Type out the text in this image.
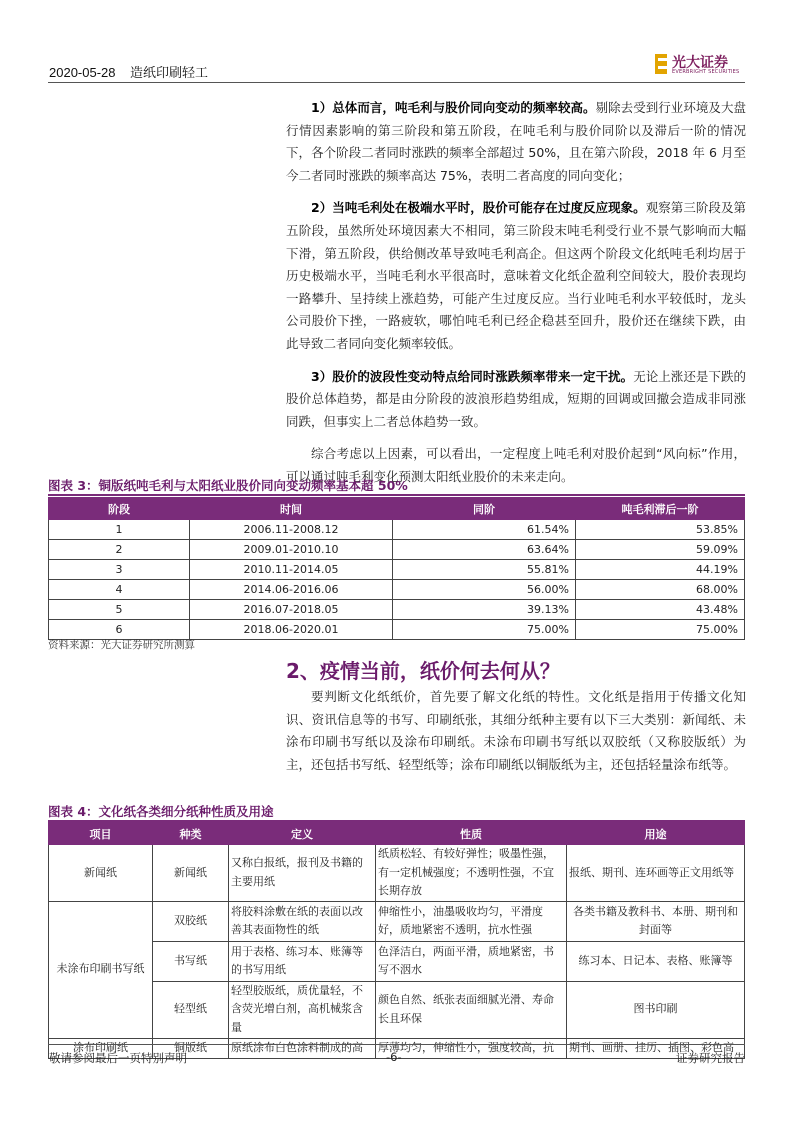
2020-05-28 造纸印刷轻工
光大证券
EVERBRIGHT SECURITIES

1）总体而言，吨毛利与股价同向变动的频率较高。剔除去受到行业环境及大盘行情因素影响的第三阶段和第五阶段，在吨毛利与股价同阶以及滞后一阶的情况下，各个阶段二者同时涨跌的频率全部超过 50%，且在第六阶段，2018 年 6 月至今二者同时涨跌的频率高达 75%，表明二者高度的同向变化；

2）当吨毛利处在极端水平时，股价可能存在过度反应现象。观察第三阶段及第五阶段，虽然所处环境因素大不相同，第三阶段末吨毛利受行业不景气影响而大幅下滑，第五阶段，供给侧改革导致吨毛利高企。但这两个阶段文化纸吨毛利均居于历史极端水平，当吨毛利水平很高时，意味着文化纸企盈利空间较大，股价表现均一路攀升、呈持续上涨趋势，可能产生过度反应。当行业吨毛利水平较低时，龙头公司股价下挫，一路疲软，哪怕吨毛利已经企稳甚至回升，股价还在继续下跌，由此导致二者同向变化频率较低。

3）股价的波段性变动特点给同时涨跌频率带来一定干扰。无论上涨还是下跌的股价总体趋势，都是由分阶段的波浪形趋势组成，短期的回调或回撤会造成非同涨同跌，但事实上二者总体趋势一致。

综合考虑以上因素，可以看出，一定程度上吨毛利对股价起到“风向标”作用，可以通过吨毛利变化预测太阳纸业股价的未来走向。

图表 3：铜版纸吨毛利与太阳纸业股价同向变动频率基本超 50%
阶段	时间	同阶	吨毛利滞后一阶
1	2006.11-2008.12	61.54%	53.85%
2	2009.01-2010.10	63.64%	59.09%
3	2010.11-2014.05	55.81%	44.19%
4	2014.06-2016.06	56.00%	68.00%
5	2016.07-2018.05	39.13%	43.48%
6	2018.06-2020.01	75.00%	75.00%
资料来源：光大证券研究所测算
2、疫情当前，纸价何去何从？

要判断文化纸纸价，首先要了解文化纸的特性。文化纸是指用于传播文化知识、资讯信息等的书写、印刷纸张，其细分纸种主要有以下三大类别：新闻纸、未涂布印刷书写纸以及涂布印刷纸。未涂布印刷书写纸以双胶纸（又称胶版纸）为主，还包括书写纸、轻型纸等；涂布印刷纸以铜版纸为主，还包括轻量涂布纸等。

图表 4：文化纸各类细分纸种性质及用途
项目	种类	定义	性质	用途
新闻纸	新闻纸	又称白报纸，报刊及书籍的主要用纸	纸质松轻、有较好弹性；吸墨性强，有一定机械强度；不透明性强，不宜长期存放	报纸、期刊、连环画等正文用纸等
未涂布印刷书写纸	双胶纸	将胶料涂敷在纸的表面以改善其表面物性的纸	伸缩性小，油墨吸收均匀，平滑度好，质地紧密不透明，抗水性强	各类书籍及教科书、本册、期刊和封面等
	书写纸	用于表格、练习本、账簿等的书写用纸	色泽洁白，两面平滑，质地紧密，书写不洇水	练习本、日记本、表格、账簿等
	轻型纸	轻型胶版纸，质优量轻，不含荧光增白剂，高机械浆含量	颜色自然、纸张表面细腻光滑、寿命长且环保	图书印刷
涂布印刷纸	铜版纸	原纸涂布白色涂料制成的高	厚薄均匀，伸缩性小，强度较高，抗	期刊、画册、挂历、插图、彩色高
敬请参阅最后一页特别声明	-6-	证券研究报告
